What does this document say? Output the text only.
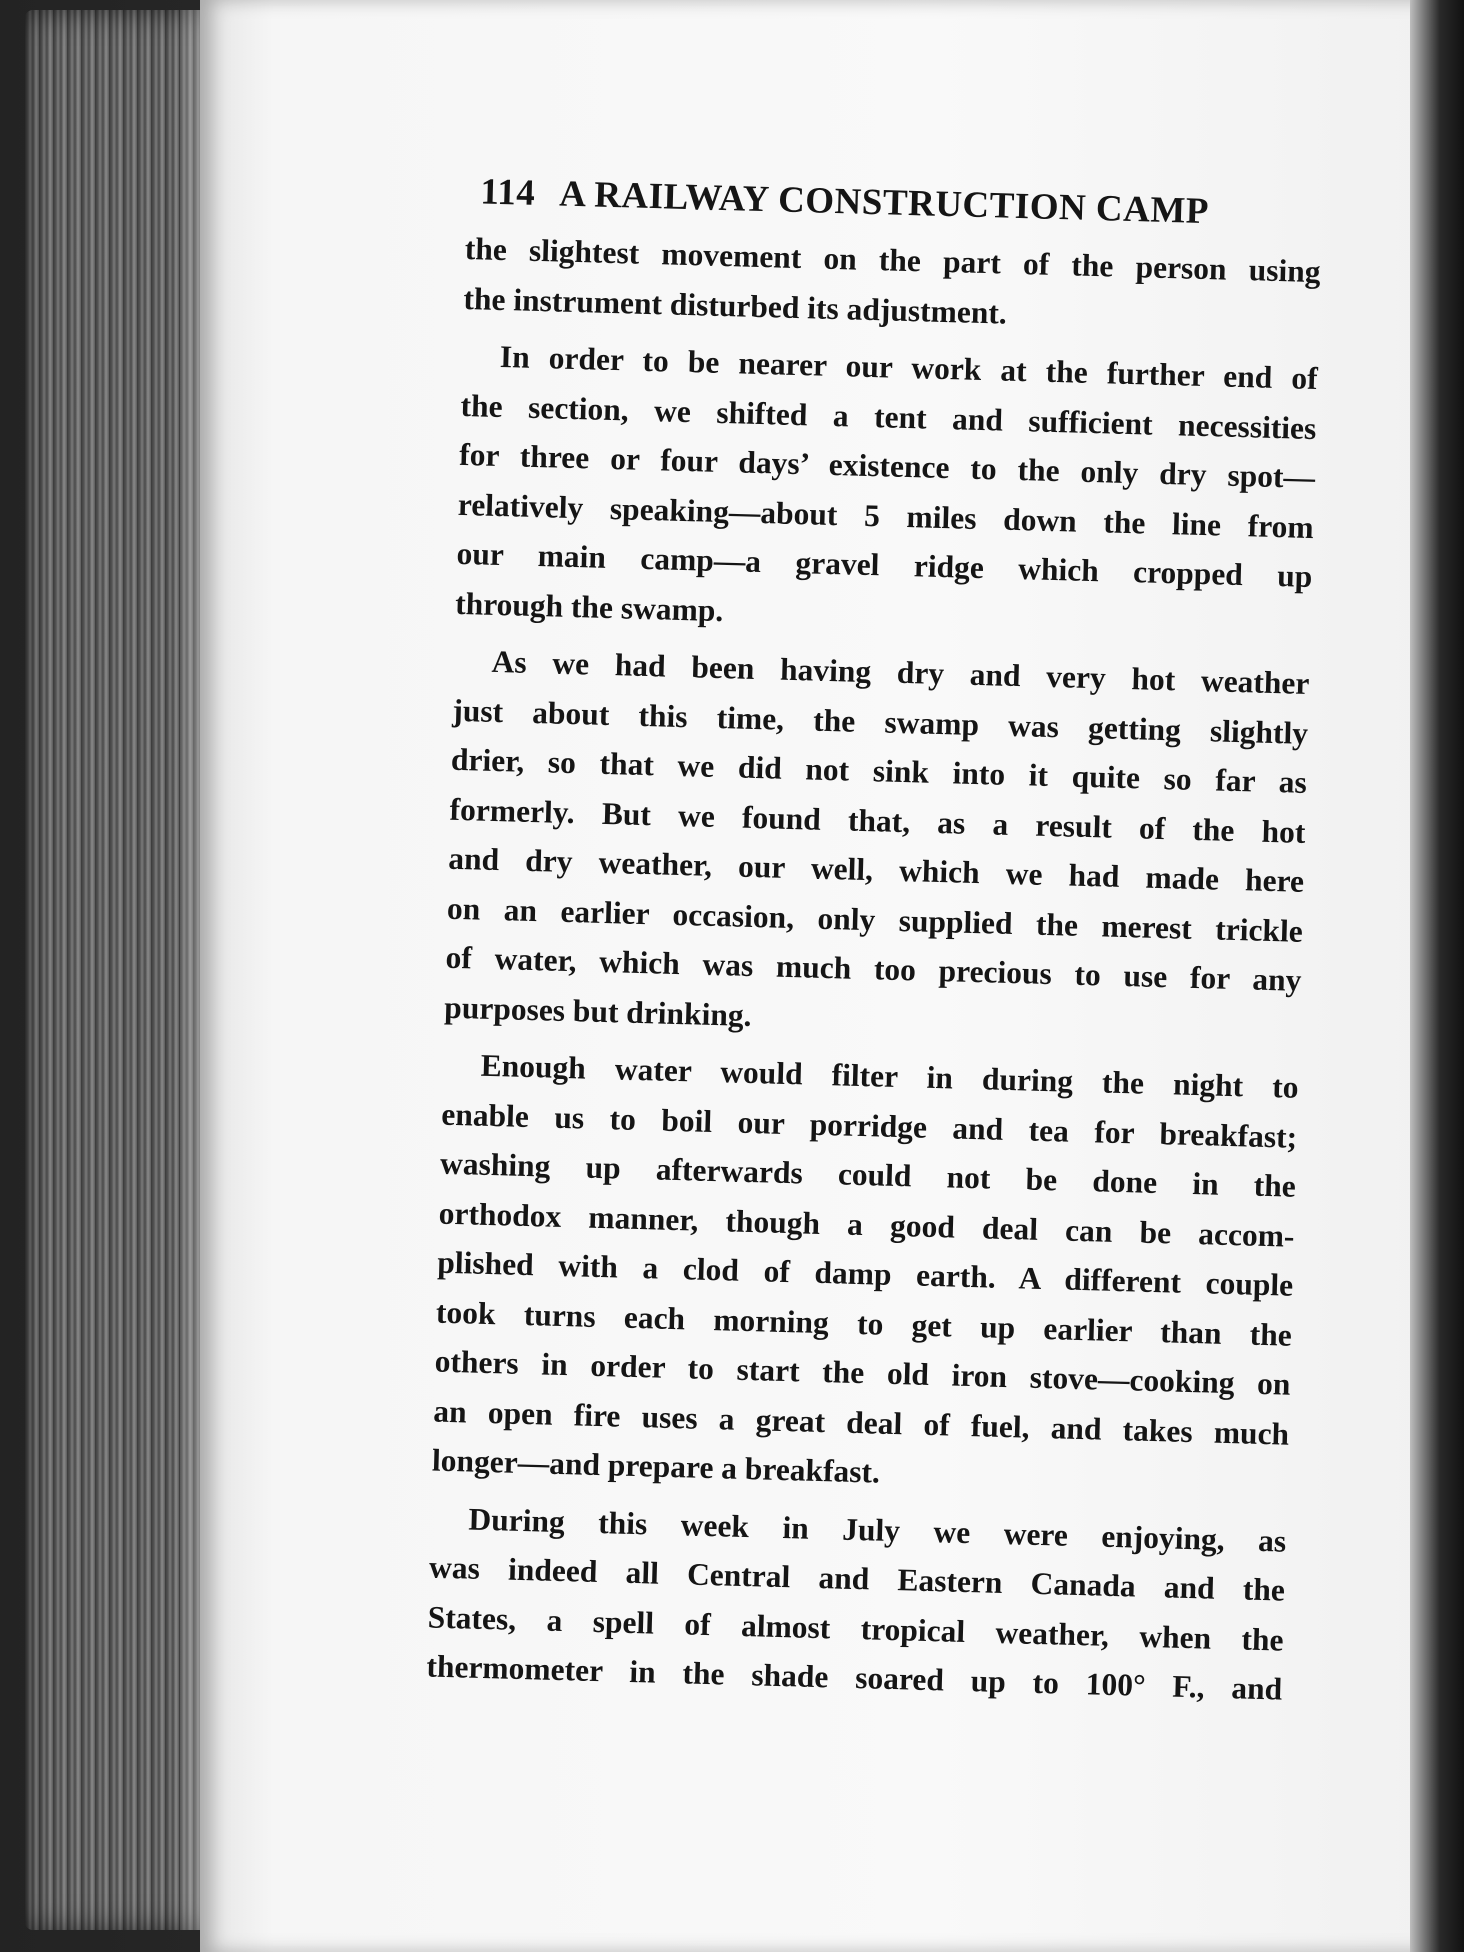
114 A RAILWAY CONSTRUCTION CAMP
the slightest movement on the part of the person using
the instrument disturbed its adjustment.
In order to be nearer our work at the further end of
the section, we shifted a tent and sufficient necessities
for three or four days’ existence to the only dry spot—
relatively speaking—about 5 miles down the line from
our main camp—a gravel ridge which cropped up
through the swamp.
As we had been having dry and very hot weather
just about this time, the swamp was getting slightly
drier, so that we did not sink into it quite so far as
formerly. But we found that, as a result of the hot
and dry weather, our well, which we had made here
on an earlier occasion, only supplied the merest trickle
of water, which was much too precious to use for any
purposes but drinking.
Enough water would filter in during the night to
enable us to boil our porridge and tea for breakfast;
washing up afterwards could not be done in the
orthodox manner, though a good deal can be accom-
plished with a clod of damp earth. A different couple
took turns each morning to get up earlier than the
others in order to start the old iron stove—cooking on
an open fire uses a great deal of fuel, and takes much
longer—and prepare a breakfast.
During this week in July we were enjoying, as
was indeed all Central and Eastern Canada and the
States, a spell of almost tropical weather, when the
thermometer in the shade soared up to 100° F., and
